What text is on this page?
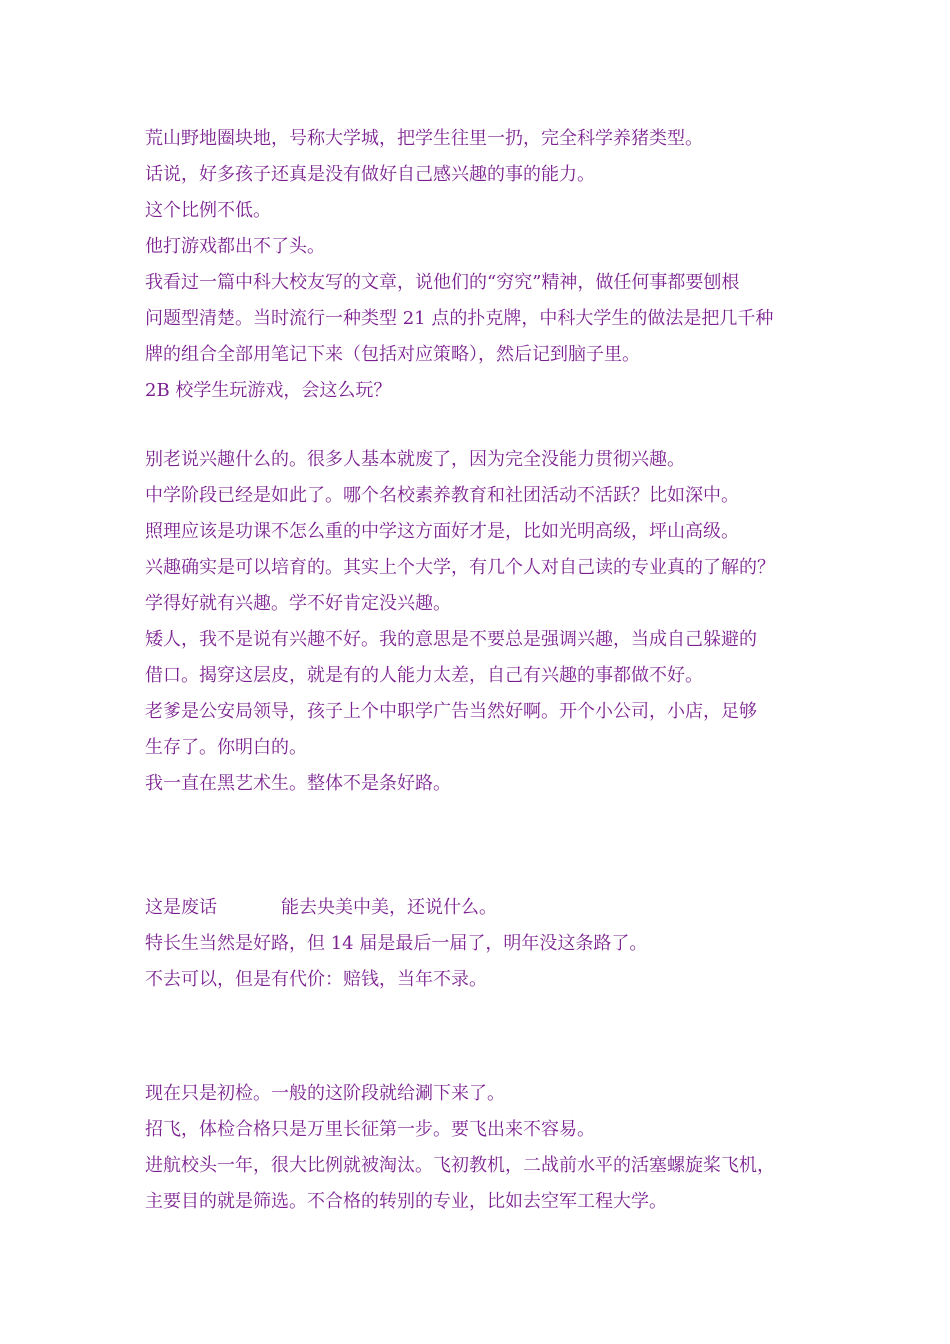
荒山野地圈块地，号称大学城，把学生往里一扔，完全科学养猪类型。
话说，好多孩子还真是没有做好自己感兴趣的事的能力。
这个比例不低。
他打游戏都出不了头。
我看过一篇中科大校友写的文章，说他们的“穷究”精神，做任何事都要刨根
问题型清楚。当时流行一种类型 21 点的扑克牌，中科大学生的做法是把几千种
牌的组合全部用笔记下来（包括对应策略），然后记到脑子里。
2B 校学生玩游戏，会这么玩？
别老说兴趣什么的。很多人基本就废了，因为完全没能力贯彻兴趣。
中学阶段已经是如此了。哪个名校素养教育和社团活动不活跃？比如深中。
照理应该是功课不怎么重的中学这方面好才是，比如光明高级，坪山高级。
兴趣确实是可以培育的。其实上个大学，有几个人对自己读的专业真的了解的？
学得好就有兴趣。学不好肯定没兴趣。
矮人，我不是说有兴趣不好。我的意思是不要总是强调兴趣，当成自己躲避的
借口。揭穿这层皮，就是有的人能力太差，自己有兴趣的事都做不好。
老爹是公安局领导，孩子上个中职学广告当然好啊。开个小公司，小店，足够
生存了。你明白的。
我一直在黑艺术生。整体不是条好路。
这是废话	能去央美中美，还说什么。
特长生当然是好路，但 14 届是最后一届了，明年没这条路了。
不去可以，但是有代价：赔钱，当年不录。
现在只是初检。一般的这阶段就给涮下来了。
招飞，体检合格只是万里长征第一步。要飞出来不容易。
进航校头一年，很大比例就被淘汰。飞初教机，二战前水平的活塞螺旋桨飞机，
主要目的就是筛选。不合格的转别的专业，比如去空军工程大学。
